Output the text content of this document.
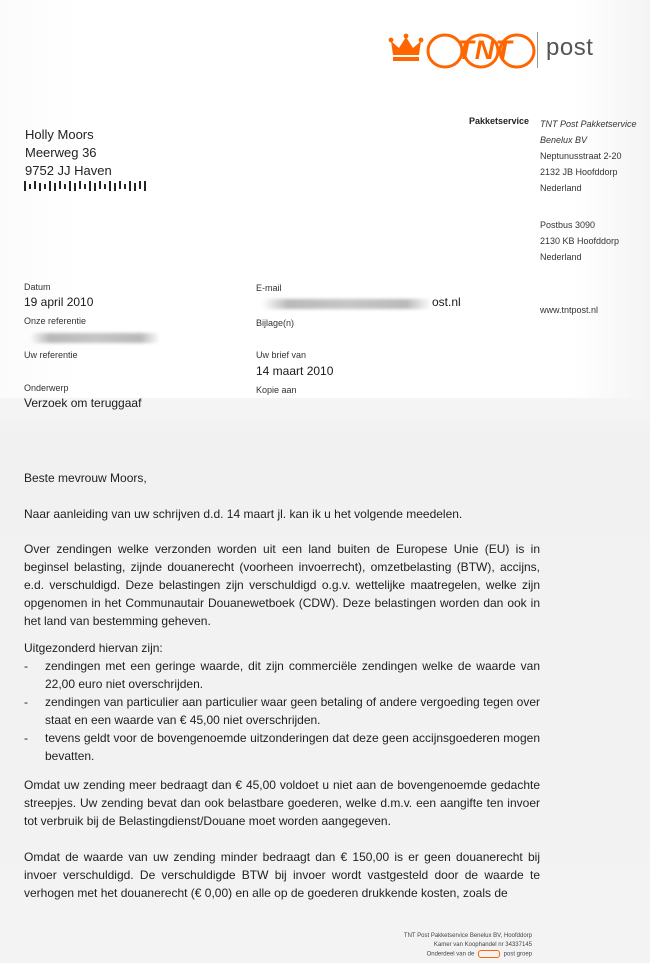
TNT	post
Holly Moors
Meerweg 36
9752 JJ Haven
Pakketservice TNT Post Pakketservice
Benelux BV
Neptunusstraat 2-20
2132 JB Hoofddorp
Nederland
Postbus 3090
2130 KB Hoofddorp
Nederland
www.tntpost.nl
Datum
19 april 2010
Onze referentie
Uw referentie
Onderwerp
Verzoek om teruggaaf
E-mail
ost.nl
Bijlage(n)
Uw brief van
14 maart 2010
Kopie aan
Beste mevrouw Moors,
Naar aanleiding van uw schrijven d.d. 14 maart jl. kan ik u het volgende meedelen.
Over zendingen welke verzonden worden uit een land buiten de Europese Unie (EU) is in beginsel belasting, zijnde douanerecht (voorheen invoerrecht), omzetbelasting (BTW), accijns, e.d. verschuldigd. Deze belastingen zijn verschuldigd o.g.v. wettelijke maatregelen, welke zijn opgenomen in het Communautair Douanewetboek (CDW). Deze belastingen worden dan ook in het land van bestemming geheven.
Uitgezonderd hiervan zijn:
- zendingen met een geringe waarde, dit zijn commerciële zendingen welke de waarde van 22,00 euro niet overschrijden.
- zendingen van particulier aan particulier waar geen betaling of andere vergoeding tegen over staat en een waarde van € 45,00 niet overschrijden.
- tevens geldt voor de bovengenoemde uitzonderingen dat deze geen accijnsgoederen mogen bevatten.
Omdat uw zending meer bedraagt dan € 45,00 voldoet u niet aan de bovengenoemde gedachte streepjes. Uw zending bevat dan ook belastbare goederen, welke d.m.v. een aangifte ten invoer tot verbruik bij de Belastingdienst/Douane moet worden aangegeven.
Omdat de waarde van uw zending minder bedraagt dan € 150,00 is er geen douanerecht bij invoer verschuldigd. De verschuldigde BTW bij invoer wordt vastgesteld door de waarde te verhogen met het douanerecht (€ 0,00) en alle op de goederen drukkende kosten, zoals de
TNT Post Pakketservice Benelux BV, Hoofddorp
Kamer van Koophandel nr 34337145
Onderdeel van de	post groep
